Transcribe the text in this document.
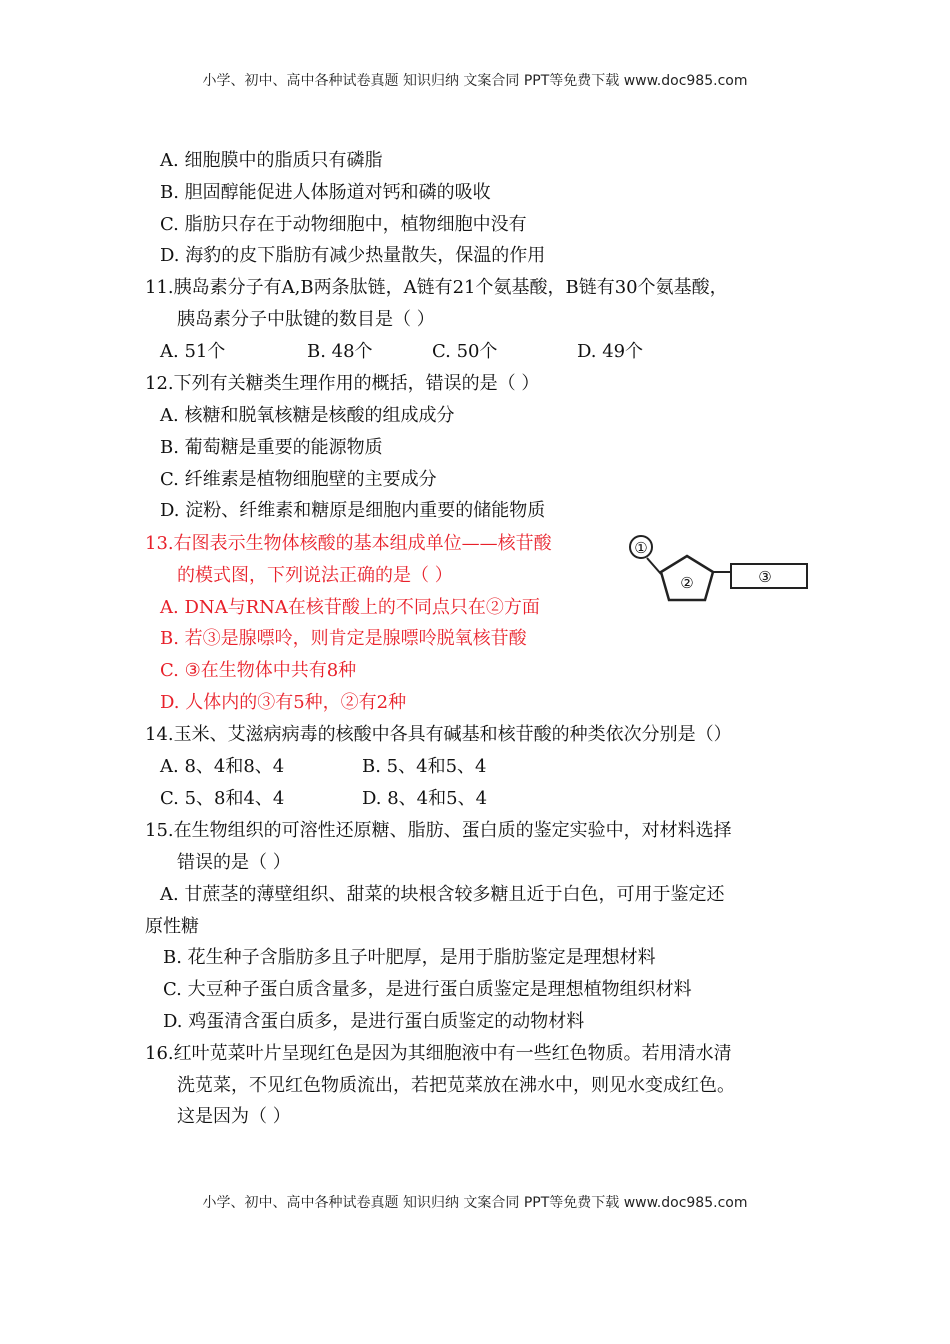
小学、初中、高中各种试卷真题 知识归纳 文案合同 PPT等免费下载 www.doc985.com
A. 细胞膜中的脂质只有磷脂
B. 胆固醇能促进人体肠道对钙和磷的吸收
C. 脂肪只存在于动物细胞中，植物细胞中没有
D. 海豹的皮下脂肪有减少热量散失，保温的作用
11.胰岛素分子有A,B两条肽链，A链有21个氨基酸，B链有30个氨基酸，
胰岛素分子中肽键的数目是（ ）
A. 51个	B. 48个	C. 50个	D. 49个
12.下列有关糖类生理作用的概括，错误的是（ ）
A. 核糖和脱氧核糖是核酸的组成成分
B. 葡萄糖是重要的能源物质
C. 纤维素是植物细胞壁的主要成分
D. 淀粉、纤维素和糖原是细胞内重要的储能物质
13.右图表示生物体核酸的基本组成单位——核苷酸
的模式图，下列说法正确的是（ ）
A. DNA与RNA在核苷酸上的不同点只在②方面
B. 若③是腺嘌呤，则肯定是腺嘌呤脱氧核苷酸
C. ③在生物体中共有8种
D. 人体内的③有5种，②有2种
①
②	③
14.玉米、艾滋病病毒的核酸中各具有碱基和核苷酸的种类依次分别是（）
A. 8、4和8、4	B. 5、4和5、4
C. 5、8和4、4	D. 8、4和5、4
15.在生物组织的可溶性还原糖、脂肪、蛋白质的鉴定实验中，对材料选择
错误的是（ ）
A. 甘蔗茎的薄壁组织、甜菜的块根含较多糖且近于白色，可用于鉴定还
原性糖
B. 花生种子含脂肪多且子叶肥厚，是用于脂肪鉴定是理想材料
C. 大豆种子蛋白质含量多，是进行蛋白质鉴定是理想植物组织材料
D. 鸡蛋清含蛋白质多，是进行蛋白质鉴定的动物材料
16.红叶苋菜叶片呈现红色是因为其细胞液中有一些红色物质。若用清水清
洗苋菜，不见红色物质流出，若把苋菜放在沸水中，则见水变成红色。
这是因为（ ）
小学、初中、高中各种试卷真题 知识归纳 文案合同 PPT等免费下载 www.doc985.com
